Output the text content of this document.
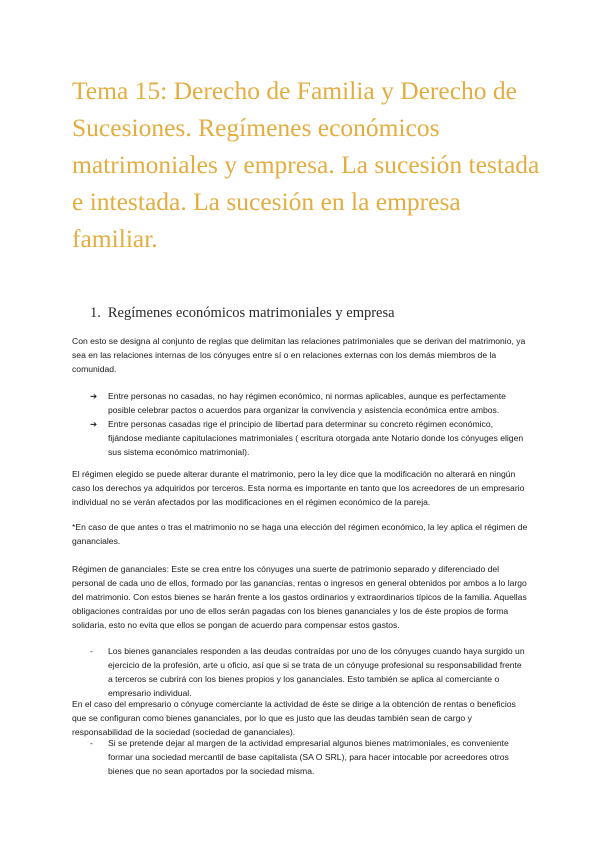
Tema 15: Derecho de Familia y Derecho de Sucesiones. Regímenes económicos matrimoniales y empresa. La sucesión testada e intestada. La sucesión en la empresa familiar.
1. Regímenes económicos matrimoniales y empresa

Con esto se designa al conjunto de reglas que delimitan las relaciones patrimoniales que se derivan del matrimonio, ya sea en las relaciones internas de los cónyuges entre sí o en relaciones externas con los demás miembros de la comunidad.

➔ Entre personas no casadas, no hay régimen económico, ni normas aplicables, aunque es perfectamente posible celebrar pactos o acuerdos para organizar la convivencia y asistencia económica entre ambos.
➔ Entre personas casadas rige el principio de libertad para determinar su concreto régimen económico, fijándose mediante capitulaciones matrimoniales ( escritura otorgada ante Notario donde los cónyuges eligen sus sistema económico matrimonial).

El régimen elegido se puede alterar durante el matrimonio, pero la ley dice que la modificación no alterará en ningún caso los derechos ya adquiridos por terceros. Esta norma es importante en tanto que los acreedores de un empresario individual no se verán afectados por las modificaciones en el régimen económico de la pareja.

*En caso de que antes o tras el matrimonio no se haga una elección del régimen económico, la ley aplica el régimen de gananciales.

Régimen de gananciales: Este se crea entre los cónyuges una suerte de patrimonio separado y diferenciado del personal de cada uno de ellos, formado por las ganancias, rentas o ingresos en general obtenidos por ambos a lo largo del matrimonio. Con estos bienes se harán frente a los gastos ordinarios y extraordinarios típicos de la familia. Aquellas obligaciones contraídas por uno de ellos serán pagadas con los bienes gananciales y los de éste propios de forma solidaria, esto no evita que ellos se pongan de acuerdo para compensar estos gastos.

- Los bienes gananciales responden a las deudas contraídas por uno de los cónyuges cuando haya surgido un ejercicio de la profesión, arte u oficio, así que si se trata de un cónyuge profesional su responsabilidad frente a terceros se cubrirá con los bienes propios y los gananciales. Esto también se aplica al comerciante o empresario individual.

En el caso del empresario o cónyuge comerciante la actividad de éste se dirige a la obtención de rentas o beneficios que se configuran como bienes gananciales, por lo que es justo que las deudas también sean de cargo y responsabilidad de la sociedad (sociedad de gananciales).

- Si se pretende dejar al margen de la actividad empresarial algunos bienes matrimoniales, es conveniente formar una sociedad mercantil de base capitalista (SA O SRL), para hacer intocable por acreedores otros bienes que no sean aportados por la sociedad misma.
